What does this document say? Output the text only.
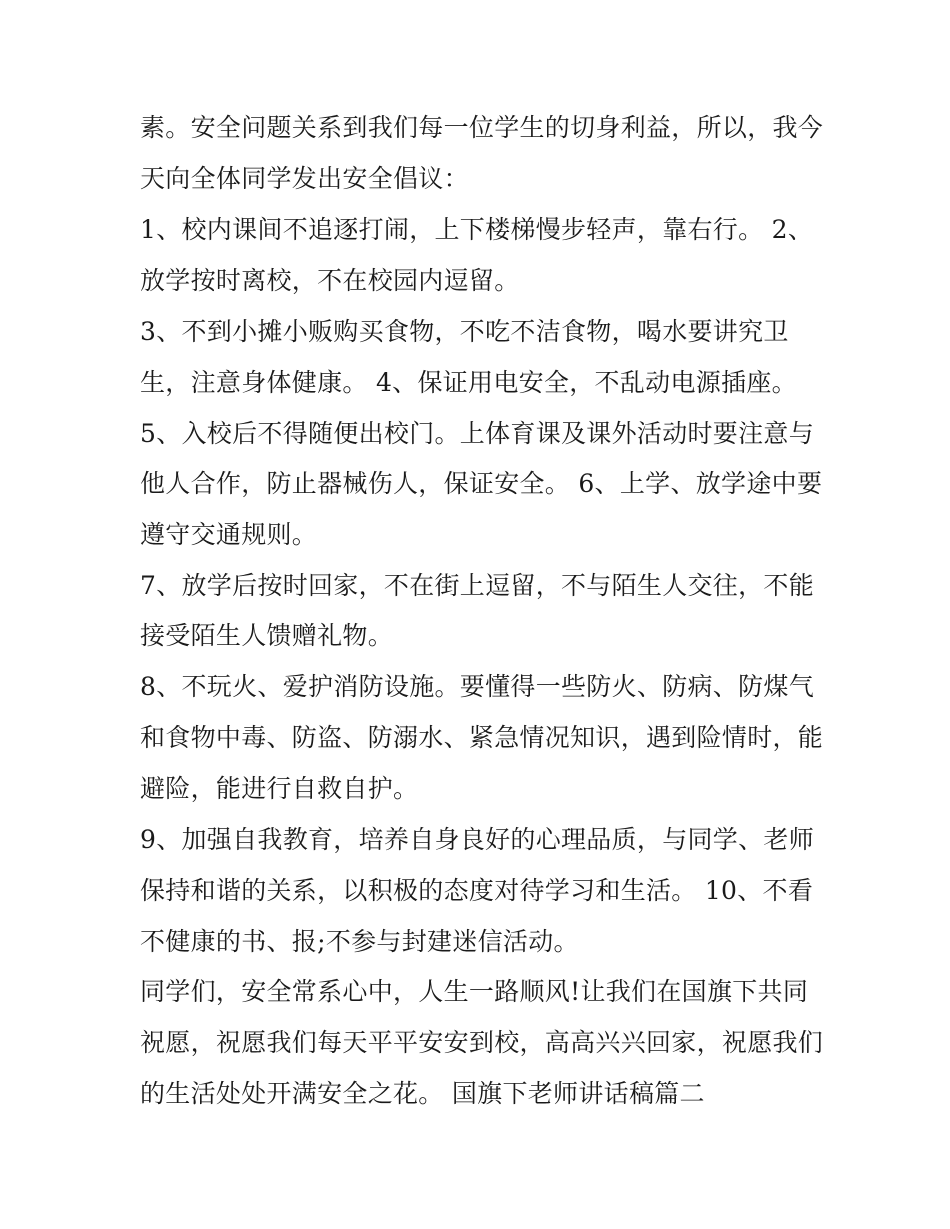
素。安全问题关系到我们每一位学生的切身利益，所以，我今
天向全体同学发出安全倡议：
1、校内课间不追逐打闹，上下楼梯慢步轻声，靠右行。 2、
放学按时离校，不在校园内逗留。
3、不到小摊小贩购买食物，不吃不洁食物，喝水要讲究卫
生，注意身体健康。 4、保证用电安全，不乱动电源插座。
5、入校后不得随便出校门。上体育课及课外活动时要注意与
他人合作，防止器械伤人，保证安全。 6、上学、放学途中要
遵守交通规则。
7、放学后按时回家，不在街上逗留，不与陌生人交往，不能
接受陌生人馈赠礼物。
8、不玩火、爱护消防设施。要懂得一些防火、防病、防煤气
和食物中毒、防盗、防溺水、紧急情况知识，遇到险情时，能
避险，能进行自救自护。
9、加强自我教育，培养自身良好的心理品质，与同学、老师
保持和谐的关系，以积极的态度对待学习和生活。 10、不看
不健康的书、报;不参与封建迷信活动。
同学们，安全常系心中，人生一路顺风!让我们在国旗下共同
祝愿，祝愿我们每天平平安安到校，高高兴兴回家，祝愿我们
的生活处处开满安全之花。 国旗下老师讲话稿篇二
